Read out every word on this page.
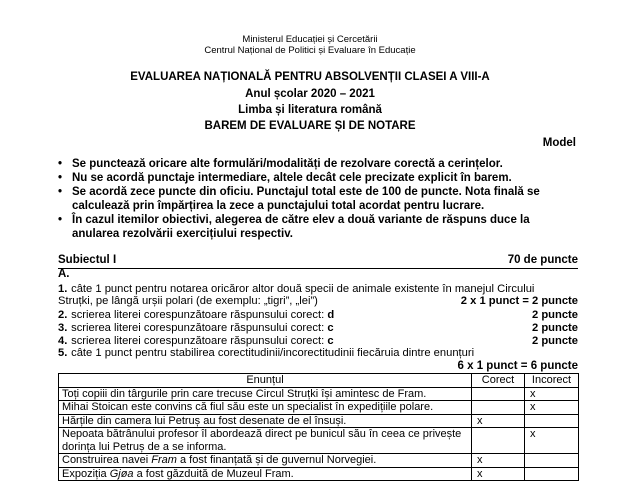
Ministerul Educației și Cercetării
Centrul Național de Politici și Evaluare în Educație
EVALUAREA NAȚIONALĂ PENTRU ABSOLVENȚII CLASEI A VIII-A
Anul școlar 2020 – 2021
Limba și literatura română
BAREM DE EVALUARE ȘI DE NOTARE
Model
• Se punctează oricare alte formulări/modalități de rezolvare corectă a cerințelor.
• Nu se acordă punctaje intermediare, altele decât cele precizate explicit în barem.
• Se acordă zece puncte din oficiu. Punctajul total este de 100 de puncte. Nota finală se calculează prin împărțirea la zece a punctajului total acordat pentru lucrare.
• În cazul itemilor obiectivi, alegerea de către elev a două variante de răspuns duce la anularea rezolvării exercițiului respectiv.
Subiectul I	70 de puncte
A.
1. câte 1 punct pentru notarea oricăror altor două specii de animale existente în manejul Circului
Struțki, pe lângă urșii polari (de exemplu: „tigri”, „lei”)	2 x 1 punct = 2 puncte
2. scrierea literei corespunzătoare răspunsului corect: d	2 puncte
3. scrierea literei corespunzătoare răspunsului corect: c	2 puncte
4. scrierea literei corespunzătoare răspunsului corect: c	2 puncte
5. câte 1 punct pentru stabilirea corectitudinii/incorectitudinii fiecăruia dintre enunțuri
6 x 1 punct = 6 puncte
Enunțul	Corect	Incorect
Toți copiii din târgurile prin care trecuse Circul Struțki își amintesc de Fram.		x
Mihai Stoican este convins că fiul său este un specialist în expedițiile polare.		x
Hărțile din camera lui Petruș au fost desenate de el însuși.	x	
Nepoata bătrânului profesor îl abordează direct pe bunicul său în ceea ce privește dorința lui Petruș de a se informa.		x
Construirea navei Fram a fost finanțată și de guvernul Norvegiei.	x	
Expoziția Gjøa a fost găzduită de Muzeul Fram.	x	
